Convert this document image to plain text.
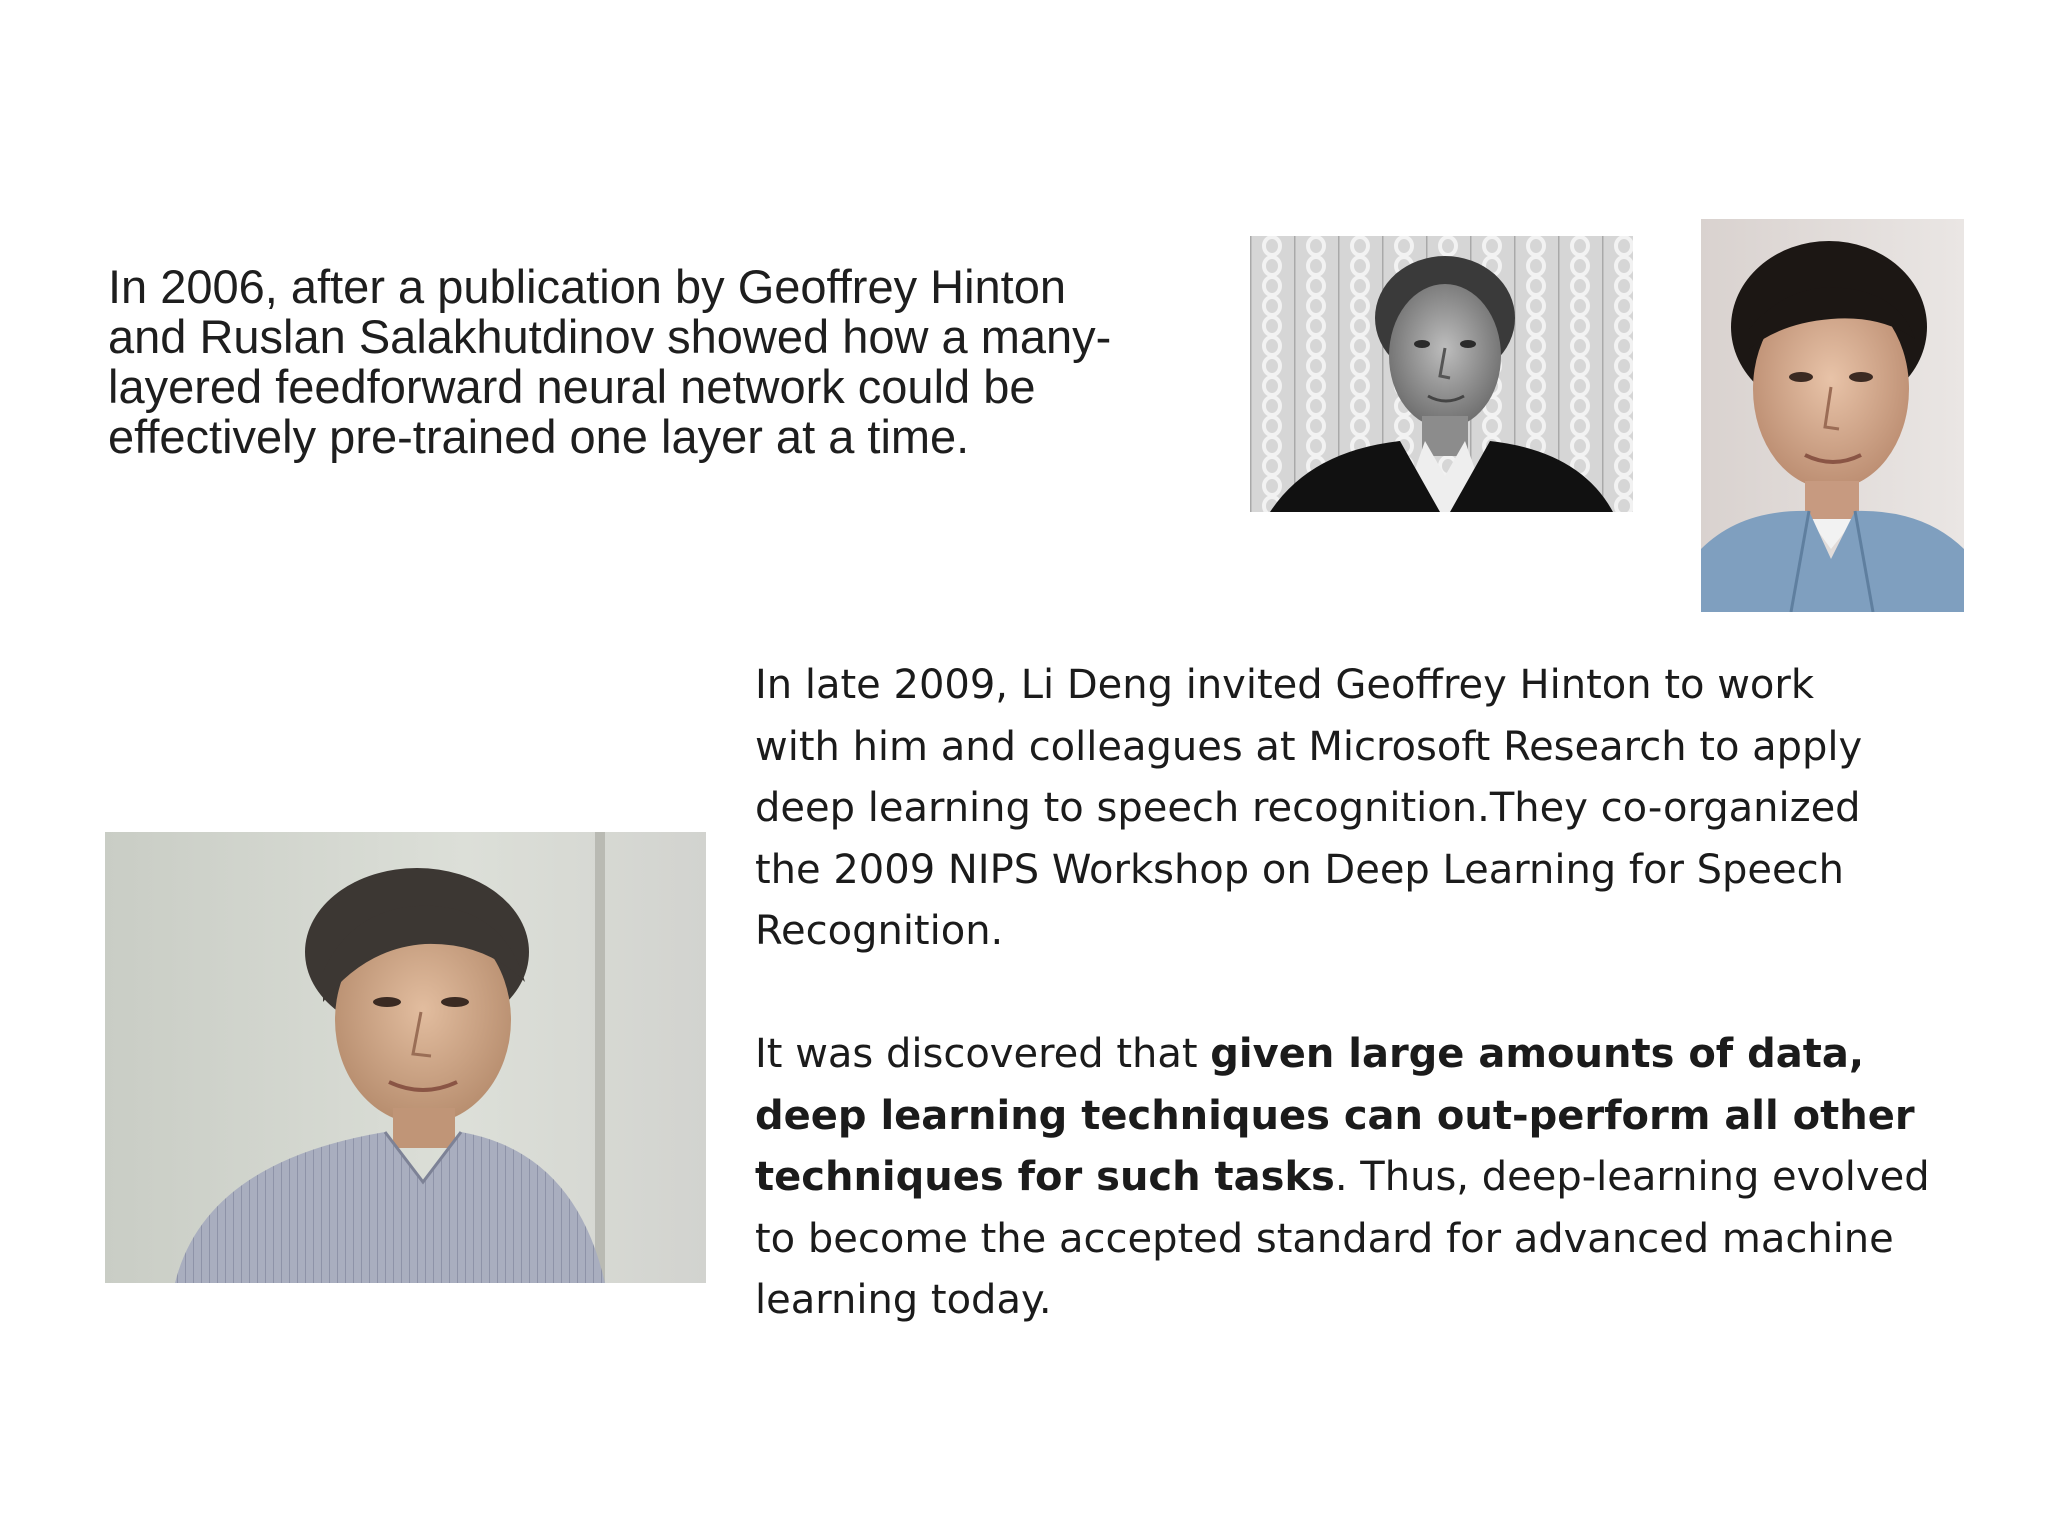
In 2006, after a publication by Geoffrey Hinton
and Ruslan Salakhutdinov showed how a many-
layered feedforward neural network could be
effectively pre-trained one layer at a time.

In late 2009, Li Deng invited Geoffrey Hinton to work
with him and colleagues at Microsoft Research to apply
deep learning to speech recognition.They co-organized
the 2009 NIPS Workshop on Deep Learning for Speech
Recognition.
It was discovered that given large amounts of data,
deep learning techniques can out-perform all other
techniques for such tasks. Thus, deep-learning evolved
to become the accepted standard for advanced machine
learning today.
